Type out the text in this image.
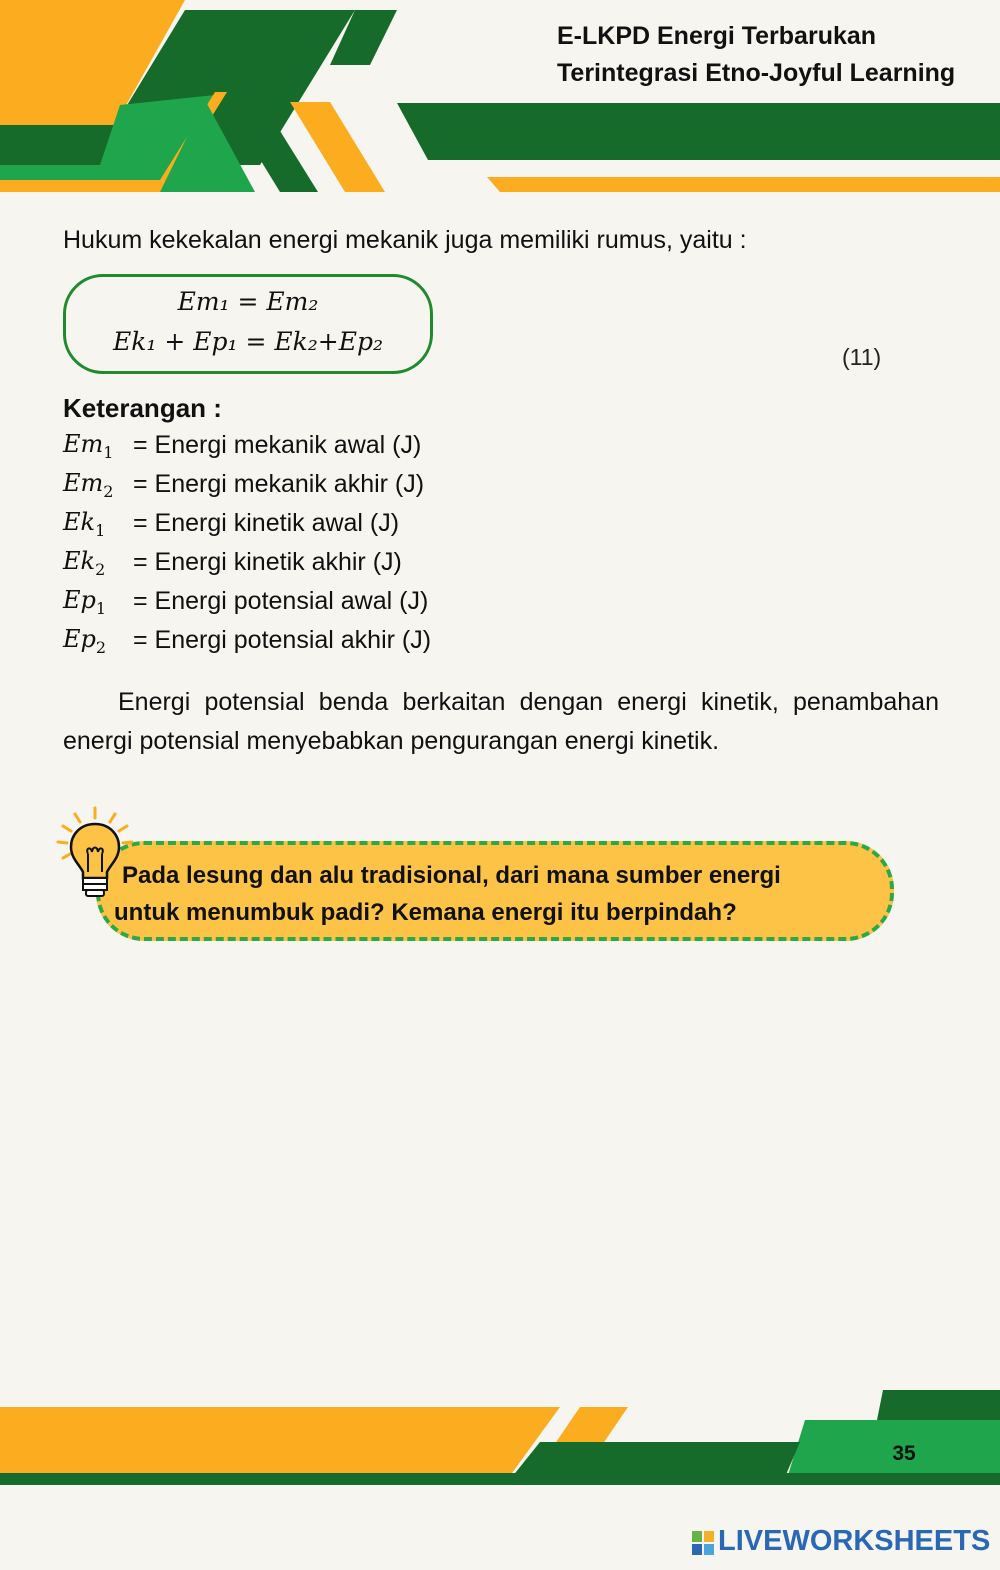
E-LKPD Energi Terbarukan
Terintegrasi Etno-Joyful Learning
Hukum kekekalan energi mekanik juga memiliki rumus, yaitu :
Em₁ = Em₂
Ek₁ + Ep₁ = Ek₂+Ep₂
(11)
Keterangan :
$Em_1$ = Energi mekanik awal (J)
$Em_2$ = Energi mekanik akhir (J)
$Ek_1$ = Energi kinetik awal (J)
$Ek_2$ = Energi kinetik akhir (J)
$Ep_1$ = Energi potensial awal (J)
$Ep_2$ = Energi potensial akhir (J)
Energi potensial benda berkaitan dengan energi kinetik, penambahan energi potensial menyebabkan pengurangan energi kinetik.
Pada lesung dan alu tradisional, dari mana sumber energi
untuk menumbuk padi? Kemana energi itu berpindah?
35
LIVEWORKSHEETS
